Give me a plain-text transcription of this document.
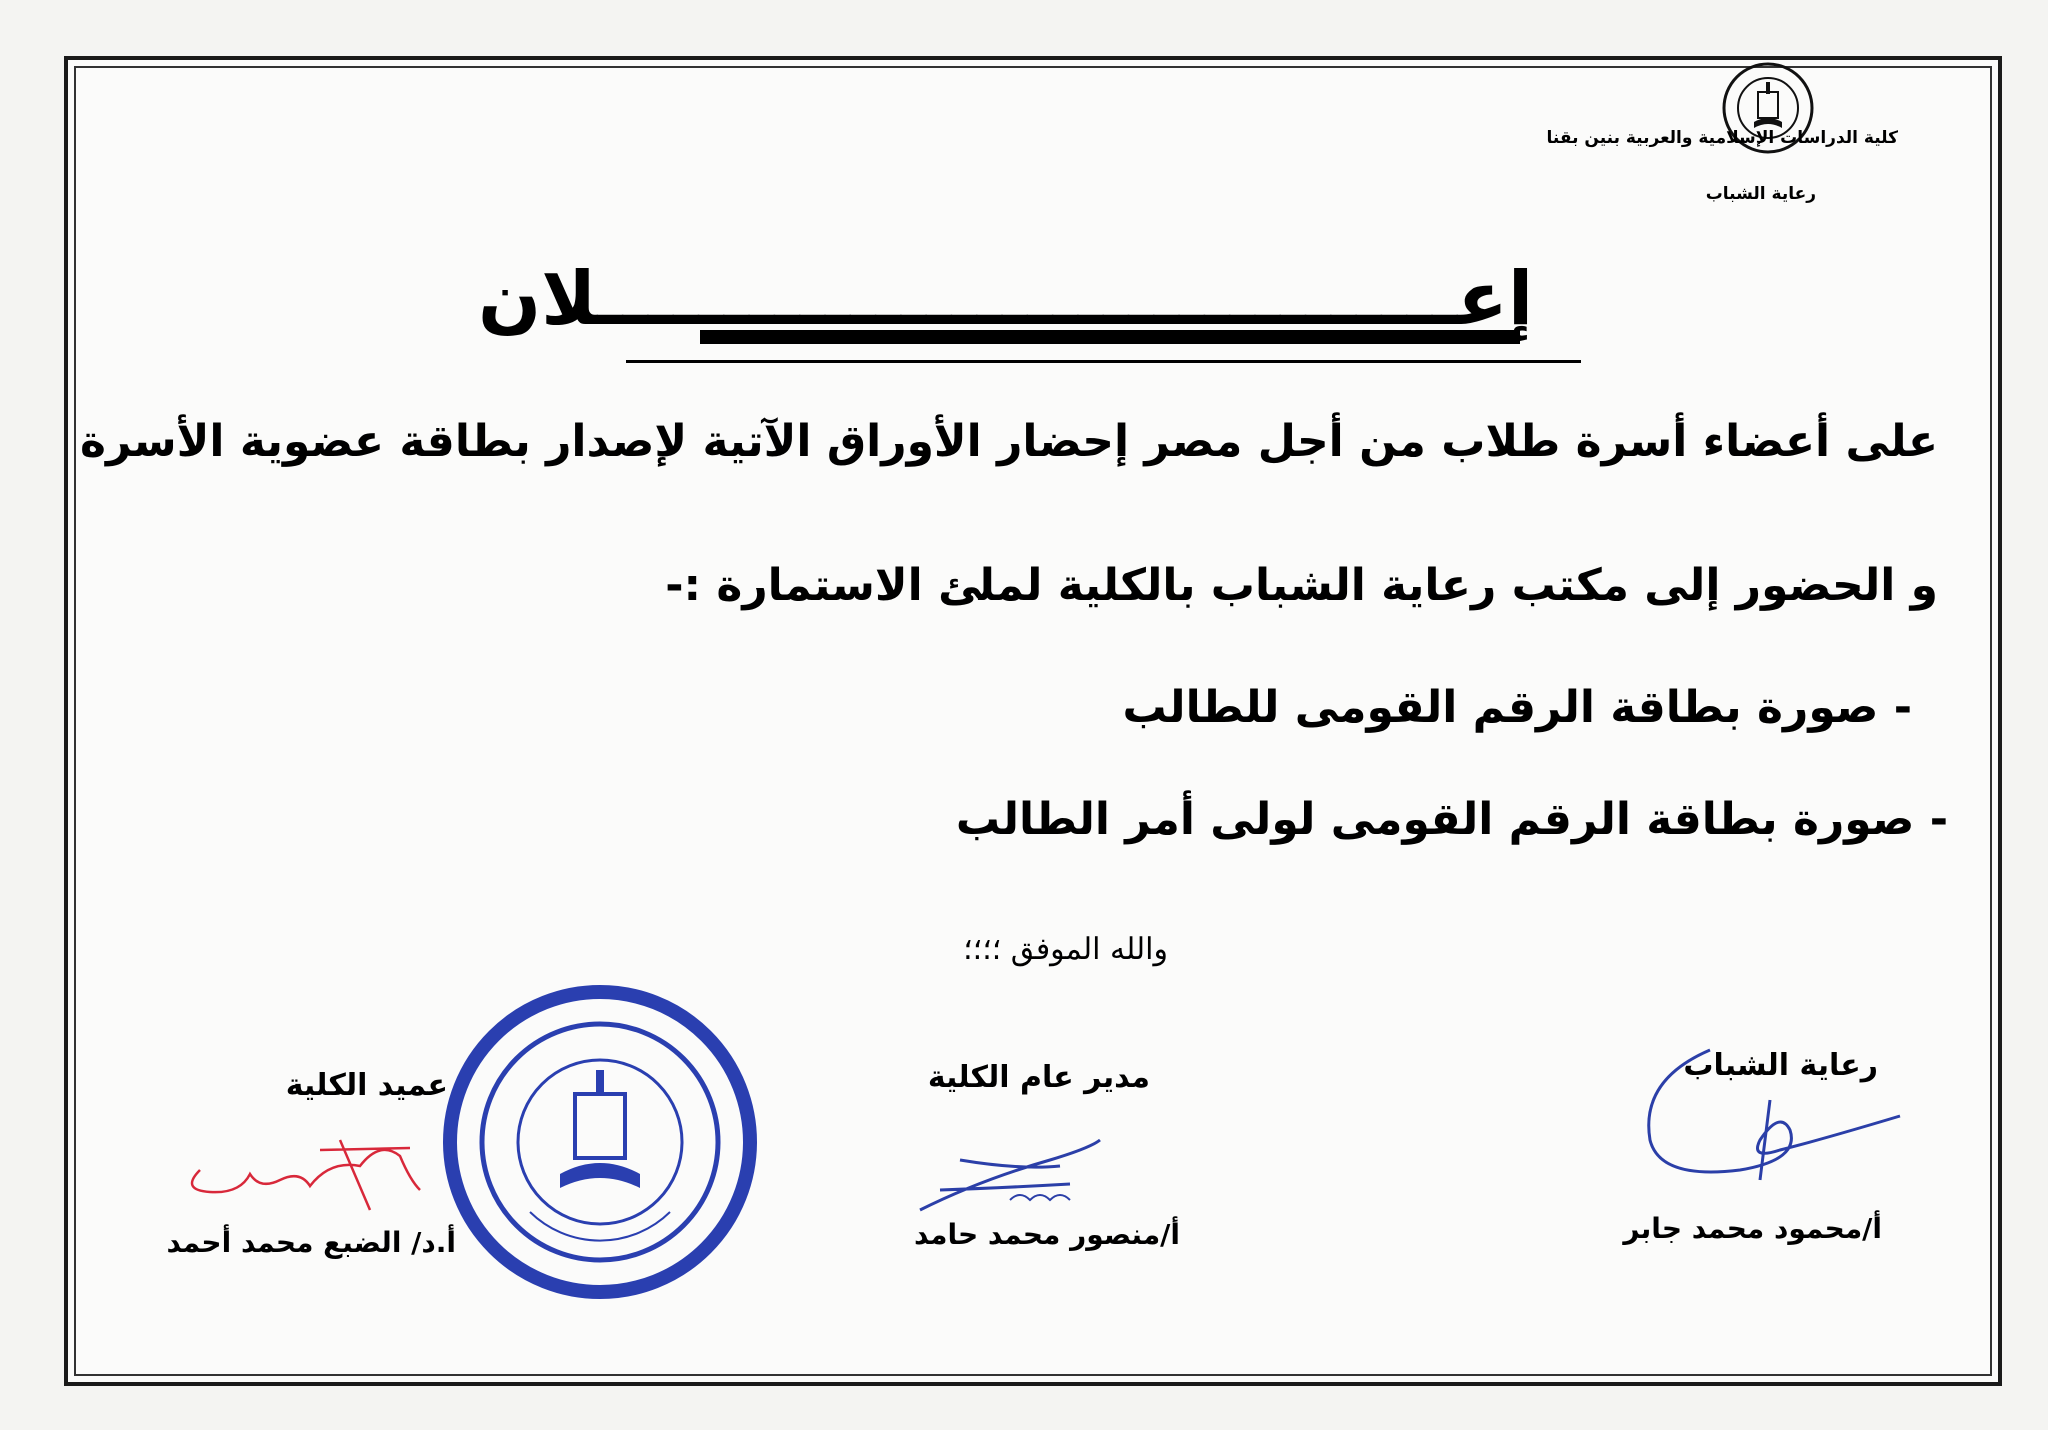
كلية الدراسات الإسلامية والعربية بنين بقنا
رعاية الشباب
إعــــــــــــــــــــــــــــــــــلان
على أعضاء أسرة طلاب من أجل مصر إحضار الأوراق الآتية لإصدار بطاقة عضوية الأسرة
و الحضور إلى مكتب رعاية الشباب بالكلية لملئ الاستمارة :-
- صورة بطاقة الرقم القومى للطالب
- صورة بطاقة الرقم القومى لولى أمر الطالب
والله الموفق ؛؛؛؛
رعاية الشباب
مدير عام الكلية
عميد الكلية
أ/محمود محمد جابر
أ/منصور محمد حامد
أ.د/ الضبع محمد أحمد
